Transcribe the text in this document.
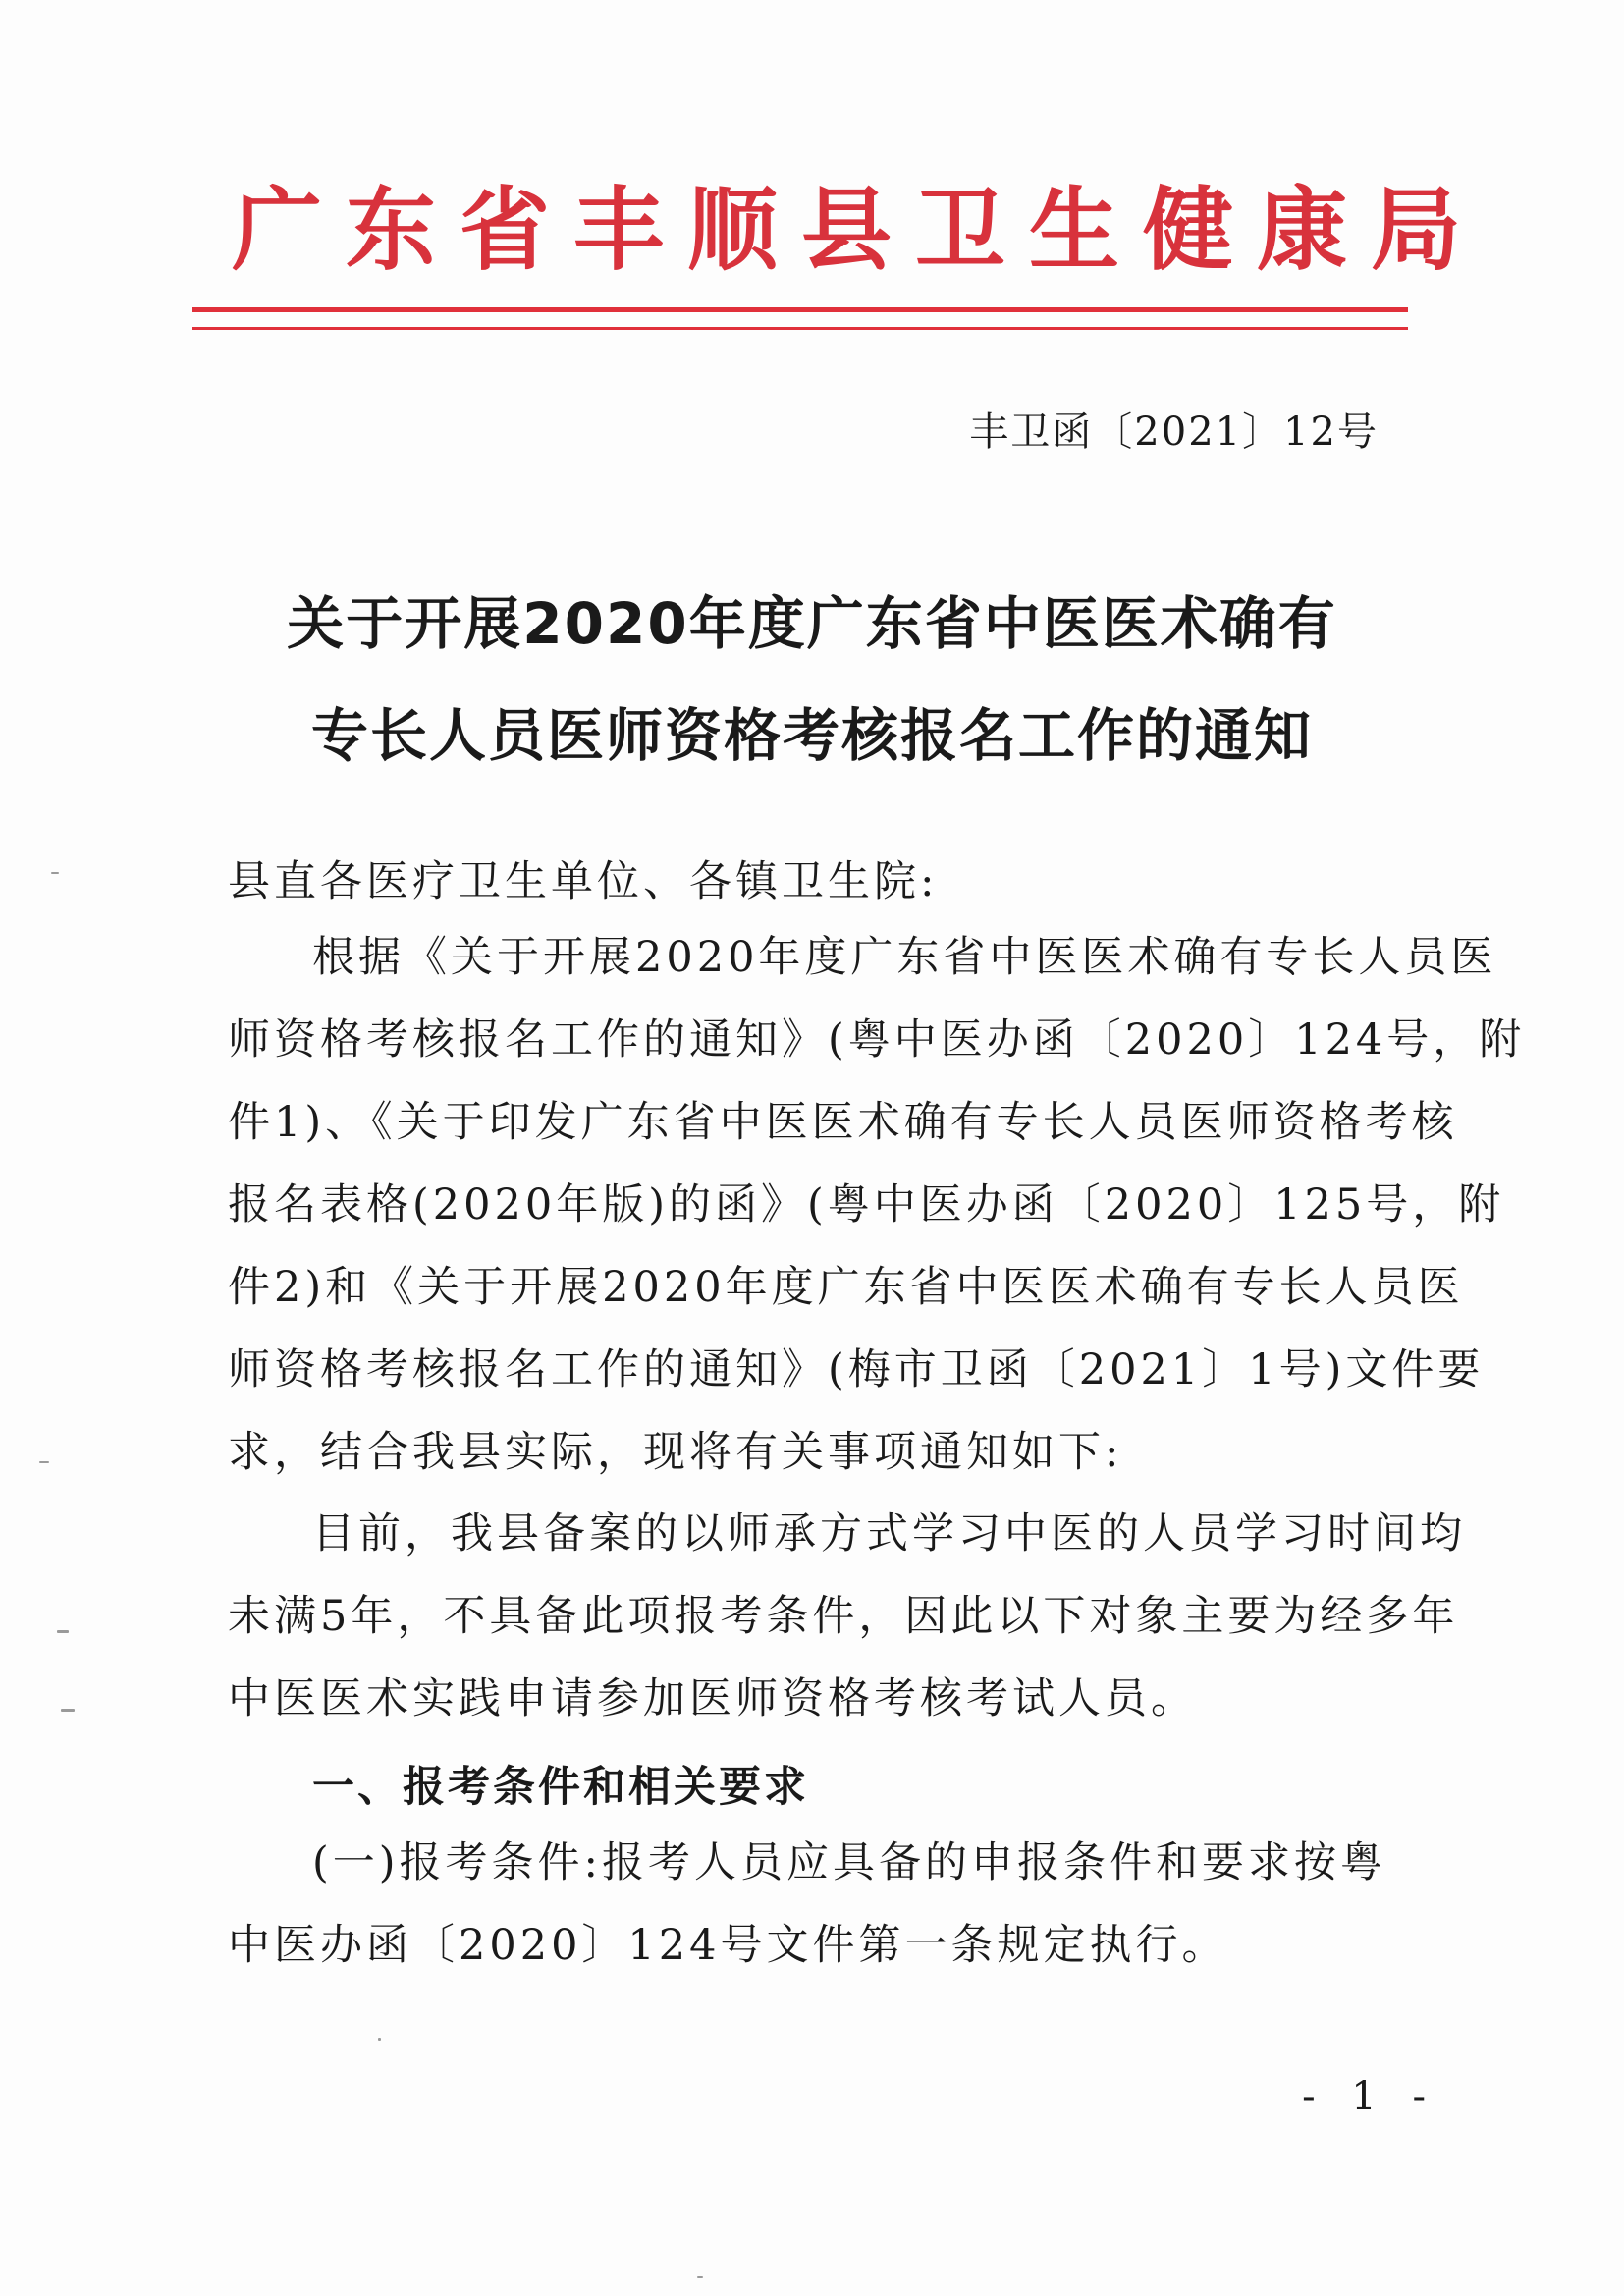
广东省丰顺县卫生健康局
丰卫函〔2021〕12号
关于开展2020年度广东省中医医术确有
专长人员医师资格考核报名工作的通知
县直各医疗卫生单位、各镇卫生院:
根据《关于开展2020年度广东省中医医术确有专长人员医
师资格考核报名工作的通知》(粤中医办函〔2020〕124号，附
件1)、《关于印发广东省中医医术确有专长人员医师资格考核
报名表格(2020年版)的函》(粤中医办函〔2020〕125号，附
件2)和《关于开展2020年度广东省中医医术确有专长人员医
师资格考核报名工作的通知》(梅市卫函〔2021〕1号)文件要
求，结合我县实际，现将有关事项通知如下:
目前，我县备案的以师承方式学习中医的人员学习时间均
未满5年，不具备此项报考条件，因此以下对象主要为经多年
中医医术实践申请参加医师资格考核考试人员。
一、报考条件和相关要求
(一)报考条件:报考人员应具备的申报条件和要求按粤
中医办函〔2020〕124号文件第一条规定执行。
- 1 -
